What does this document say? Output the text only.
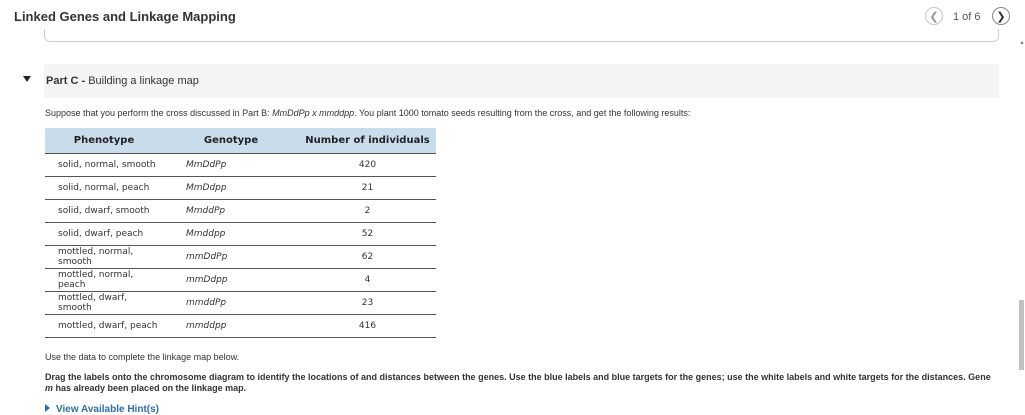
Linked Genes and Linkage Mapping	❮ 1 of 6 ❯
▲
Part C - Building a linkage map
Suppose that you perform the cross discussed in Part B: MmDdPp x mmddpp. You plant 1000 tomato seeds resulting from the cross, and get the following results:
Phenotype	Genotype	Number of individuals
solid, normal, smooth	MmDdPp	420
solid, normal, peach	MmDdpp	21
solid, dwarf, smooth	MmddPp	2
solid, dwarf, peach	Mmddpp	52
mottled, normal, smooth	mmDdPp	62
mottled, normal, peach	mmDdpp	4
mottled, dwarf, smooth	mmddPp	23
mottled, dwarf, peach	mmddpp	416
Use the data to complete the linkage map below.
Drag the labels onto the chromosome diagram to identify the locations of and distances between the genes. Use the blue labels and blue targets for the genes; use the white labels and white targets for the distances. Gene m has already been placed on the linkage map.
View Available Hint(s)
